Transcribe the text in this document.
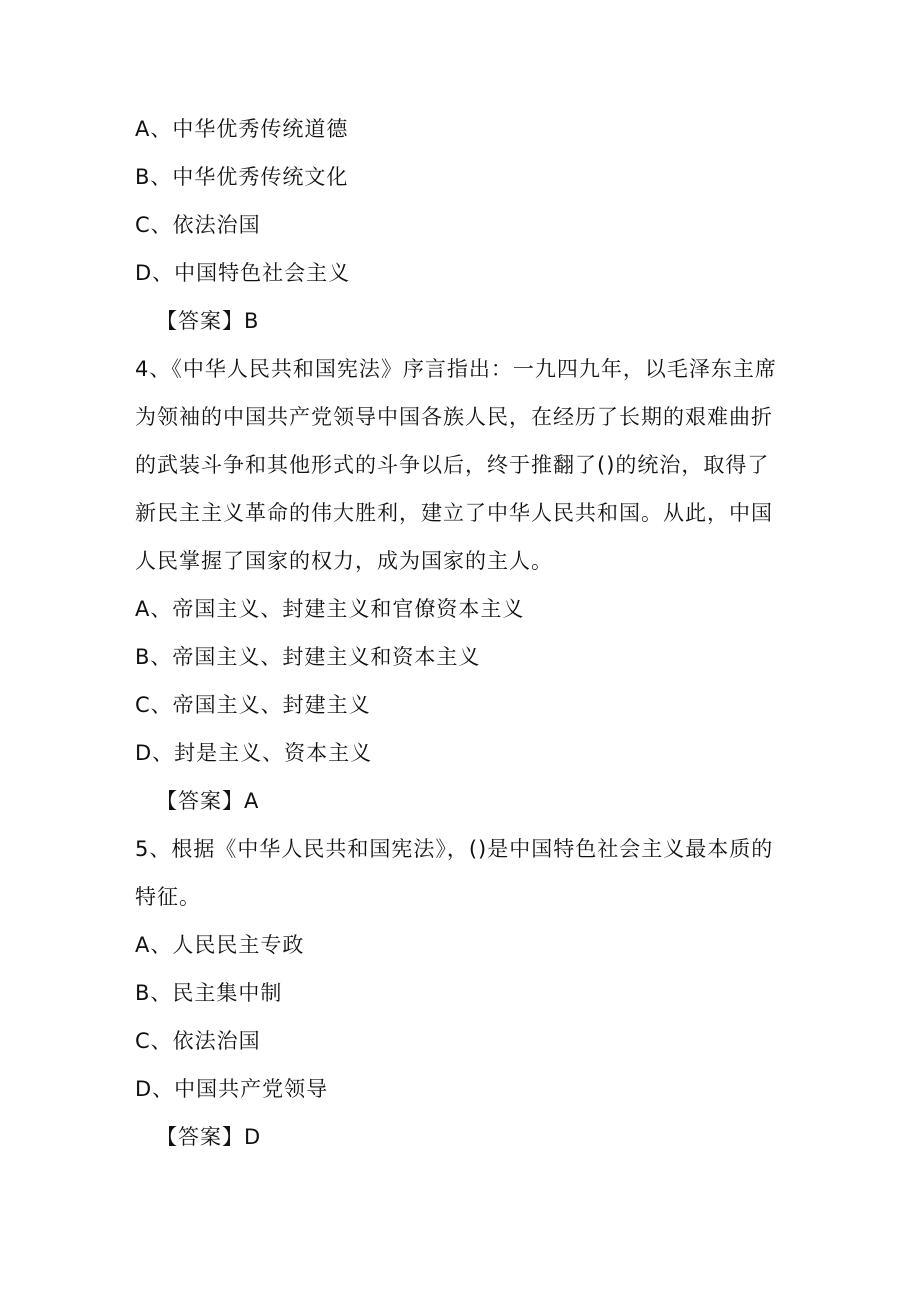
A、中华优秀传统道德
B、中华优秀传统文化
C、依法治国
D、中国特色社会主义
【答案】B
4、《中华人民共和国宪法》序言指出：一九四九年，以毛泽东主席
为领袖的中国共产党领导中国各族人民，在经历了长期的艰难曲折
的武装斗争和其他形式的斗争以后，终于推翻了()的统治，取得了
新民主主义革命的伟大胜利，建立了中华人民共和国。从此，中国
人民掌握了国家的权力，成为国家的主人。
A、帝国主义、封建主义和官僚资本主义
B、帝国主义、封建主义和资本主义
C、帝国主义、封建主义
D、封是主义、资本主义
【答案】A
5、根据《中华人民共和国宪法》，()是中国特色社会主义最本质的
特征。
A、人民民主专政
B、民主集中制
C、依法治国
D、中国共产党领导
【答案】D
